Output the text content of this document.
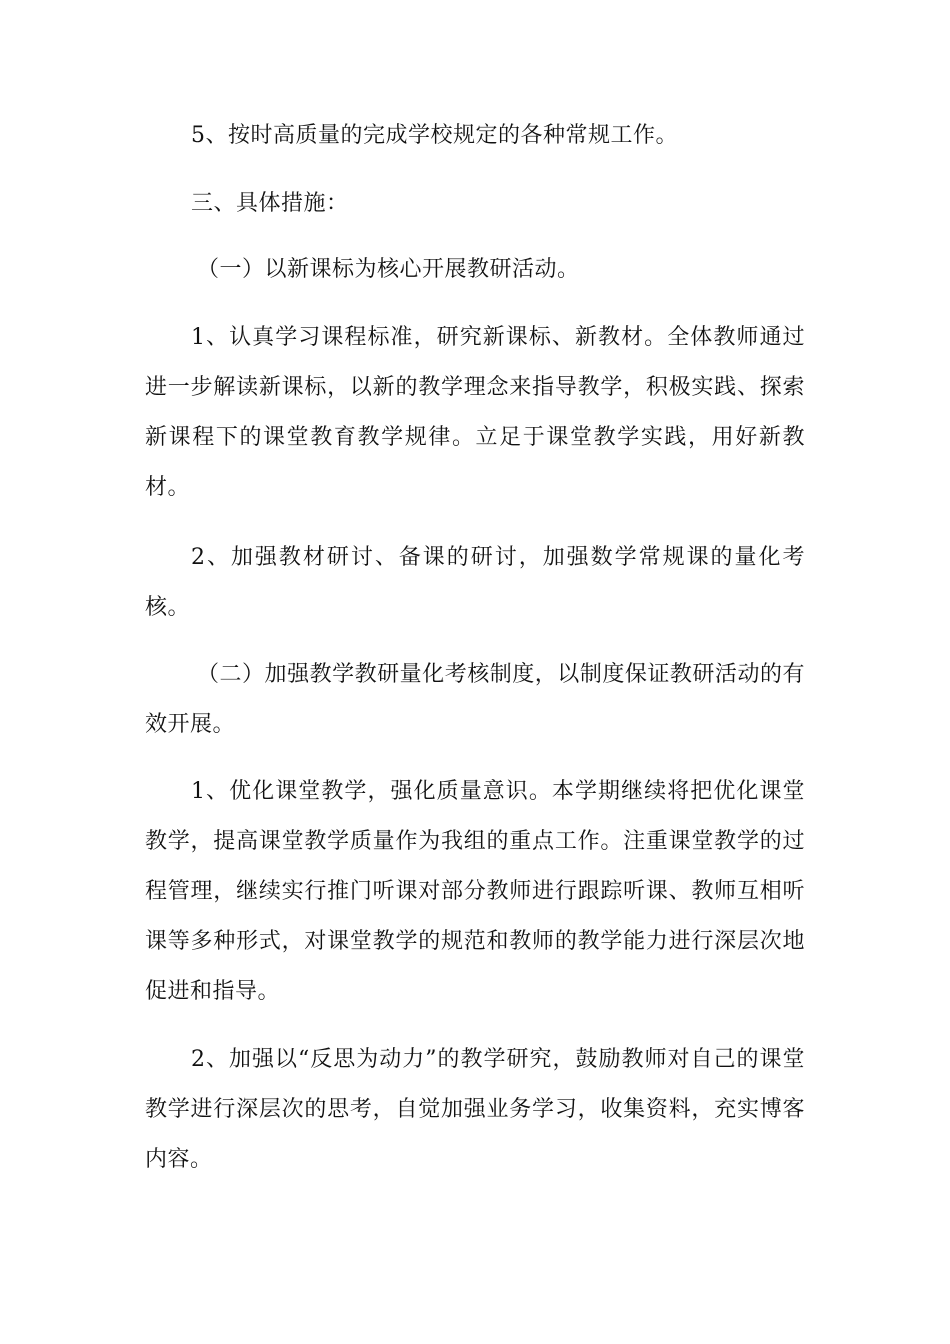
5、按时高质量的完成学校规定的各种常规工作。

三、具体措施：

（一）以新课标为核心开展教研活动。

1、认真学习课程标准，研究新课标、新教材。全体教师通过进一步解读新课标，以新的教学理念来指导教学，积极实践、探索新课程下的课堂教育教学规律。立足于课堂教学实践，用好新教材。

2、加强教材研讨、备课的研讨，加强数学常规课的量化考核。

（二）加强教学教研量化考核制度，以制度保证教研活动的有效开展。

1、优化课堂教学，强化质量意识。本学期继续将把优化课堂教学，提高课堂教学质量作为我组的重点工作。注重课堂教学的过程管理，继续实行推门听课对部分教师进行跟踪听课、教师互相听课等多种形式，对课堂教学的规范和教师的教学能力进行深层次地促进和指导。

2、加强以“反思为动力”的教学研究，鼓励教师对自己的课堂教学进行深层次的思考，自觉加强业务学习，收集资料，充实博客内容。
